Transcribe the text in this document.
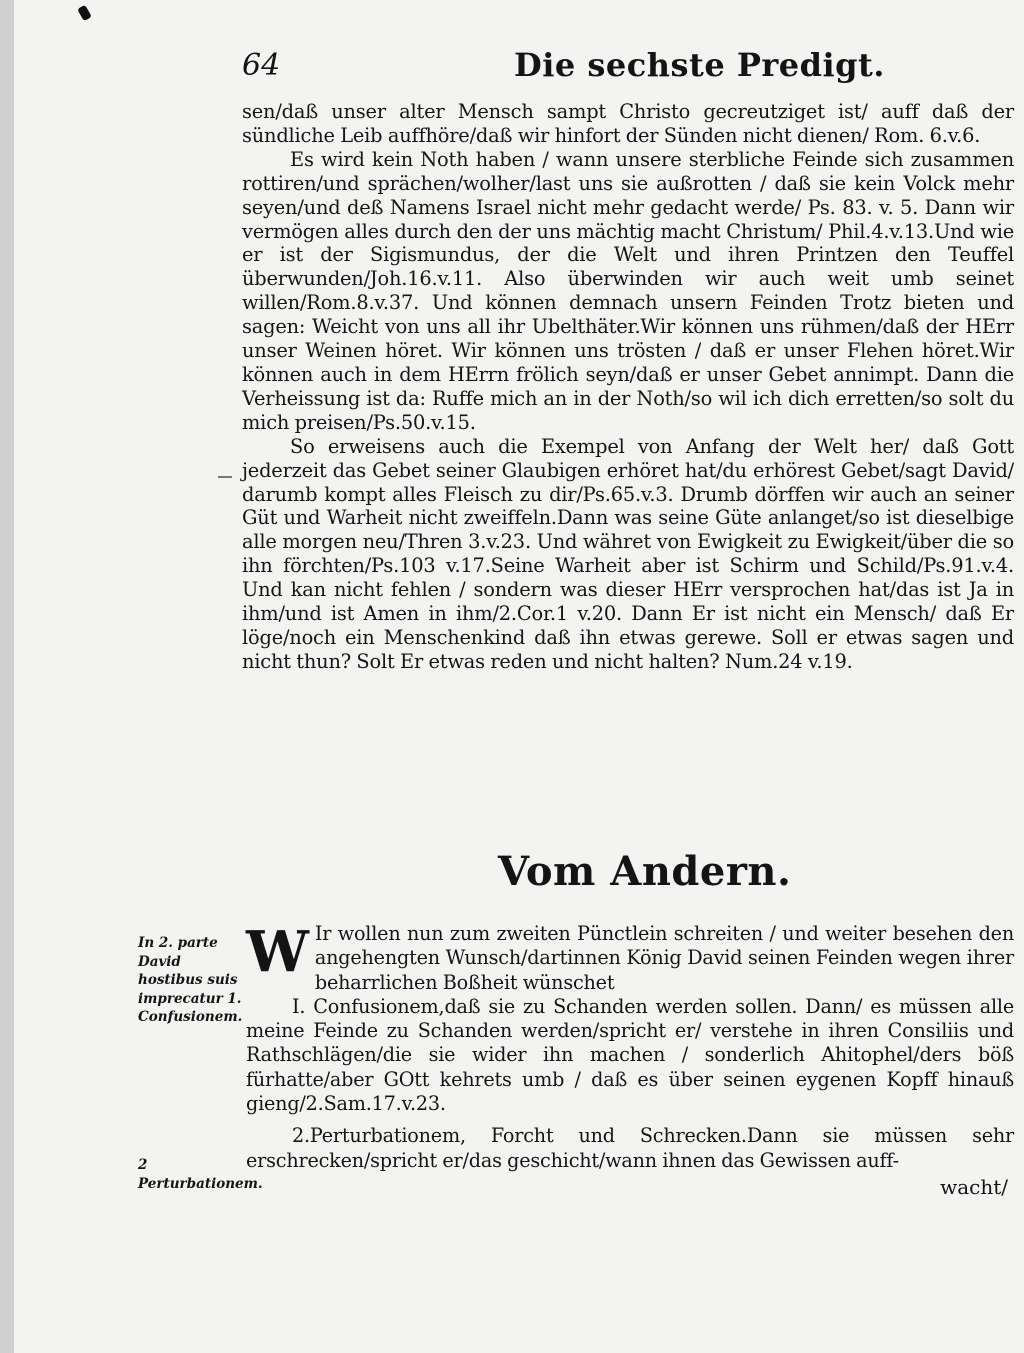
64	Die sechste Predigt.

sen/daß unser alter Mensch sampt Christo gecreutziget ist/ auff daß der sündliche Leib auffhöre/daß wir hinfort der Sünden nicht dienen/ Rom. 6.v.6.

Es wird kein Noth haben / wann unsere sterbliche Feinde sich zusammen rottiren/und sprächen/wolher/last uns sie außrotten / daß sie kein Volck mehr seyen/und deß Namens Israel nicht mehr gedacht werde/ Ps. 83. v. 5. Dann wir vermögen alles durch den der uns mächtig macht Christum/ Phil.4.v.13.Und wie er ist der Sigismundus, der die Welt und ihren Printzen den Teuffel überwunden/Joh.16.v.11. Also überwinden wir auch weit umb seinet willen/Rom.8.v.37. Und können demnach unsern Feinden Trotz bieten und sagen: Weicht von uns all ihr Ubelthäter.Wir können uns rühmen/daß der HErr unser Weinen höret. Wir können uns trösten / daß er unser Flehen höret.Wir können auch in dem HErrn frölich seyn/daß er unser Gebet annimpt. Dann die Verheissung ist da: Ruffe mich an in der Noth/so wil ich dich erretten/so solt du mich preisen/Ps.50.v.15.

So erweisens auch die Exempel von Anfang der Welt her/ daß Gott jederzeit das Gebet seiner Glaubigen erhöret hat/du erhörest Gebet/sagt David/ darumb kompt alles Fleisch zu dir/Ps.65.v.3. Drumb dörffen wir auch an seiner Güt und Warheit nicht zweiffeln.Dann was seine Güte anlanget/so ist dieselbige alle morgen neu/Thren 3.v.23. Und währet von Ewigkeit zu Ewigkeit/über die so ihn förchten/Ps.103 v.17.Seine Warheit aber ist Schirm und Schild/Ps.91.v.4. Und kan nicht fehlen / sondern was dieser HErr versprochen hat/das ist Ja in ihm/und ist Amen in ihm/2.Cor.1 v.20. Dann Er ist nicht ein Mensch/ daß Er löge/noch ein Menschenkind daß ihn etwas gerewe. Soll er etwas sagen und nicht thun? Solt Er etwas reden und nicht halten? Num.24 v.19.

Vom Andern.
In 2. parte David hostibus suis imprecatur 1. Confusionem.
2 Perturbationem.
W Ir wollen nun zum zweiten Pünctlein schreiten / und weiter besehen den angehengten Wunsch/dartinnen König David seinen Feinden wegen ihrer beharrlichen Boßheit wünschet

I. Confusionem,daß sie zu Schanden werden sollen. Dann/ es müssen alle meine Feinde zu Schanden werden/spricht er/ verstehe in ihren Consiliis und Rathschlägen/die sie wider ihn machen / sonderlich Ahitophel/ders böß fürhatte/aber GOtt kehrets umb / daß es über seinen eygenen Kopff hinauß gieng/2.Sam.17.v.23.

2.Perturbationem, Forcht und Schrecken.Dann sie müssen sehr erschrecken/spricht er/das geschicht/wann ihnen das Gewissen auff-

wacht/
